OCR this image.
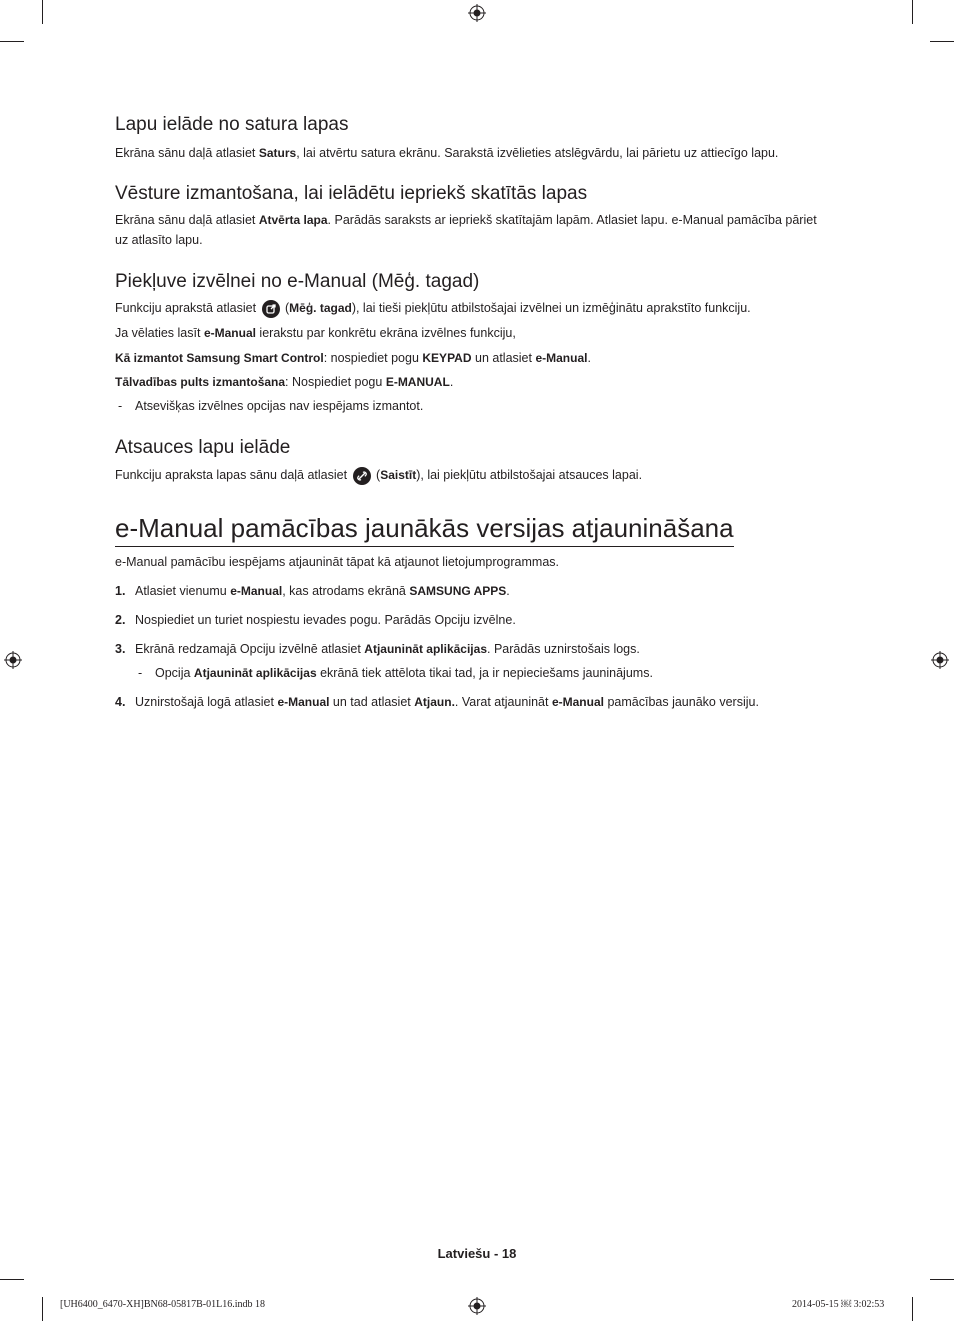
Lapu ielāde no satura lapas
Ekrāna sānu daļā atlasiet Saturs, lai atvērtu satura ekrānu. Sarakstā izvēlieties atslēgvārdu, lai pārietu uz attiecīgo lapu.
Vēsture izmantošana, lai ielādētu iepriekš skatītās lapas
Ekrāna sānu daļā atlasiet Atvērta lapa. Parādās saraksts ar iepriekš skatītajām lapām. Atlasiet lapu. e-Manual pamācība pāriet uz atlasīto lapu.
Piekļuve izvēlnei no e-Manual (Mēģ. tagad)
Funkciju aprakstā atlasiet
(Mēģ. tagad), lai tieši piekļūtu atbilstošajai izvēlnei un izmēģinātu aprakstīto funkciju.
Ja vēlaties lasīt e-Manual ierakstu par konkrētu ekrāna izvēlnes funkciju,
Kā izmantot Samsung Smart Control: nospiediet pogu KEYPAD un atlasiet e-Manual.
Tālvadības pults izmantošana: Nospiediet pogu E-MANUAL.
- Atsevišķas izvēlnes opcijas nav iespējams izmantot.
Atsauces lapu ielāde
Funkciju apraksta lapas sānu daļā atlasiet
(Saistīt), lai piekļūtu atbilstošajai atsauces lapai.
e-Manual pamācības jaunākās versijas atjaunināšana
e-Manual pamācību iespējams atjaunināt tāpat kā atjaunot lietojumprogrammas.
1. Atlasiet vienumu e-Manual, kas atrodams ekrānā SAMSUNG APPS.
2. Nospiediet un turiet nospiestu ievades pogu. Parādās Opciju izvēlne.
3. Ekrānā redzamajā Opciju izvēlnē atlasiet Atjaunināt aplikācijas. Parādās uznirstošais logs.
- Opcija Atjaunināt aplikācijas ekrānā tiek attēlota tikai tad, ja ir nepieciešams jauninājums.
4. Uznirstošajā logā atlasiet e-Manual un tad atlasiet Atjaun.. Varat atjaunināt e-Manual pamācības jaunāko versiju.
Latviešu - 18
[UH6400_6470-XH]BN68-05817B-01L16.indb 18	2014-05-15 ￼ 3:02:53
